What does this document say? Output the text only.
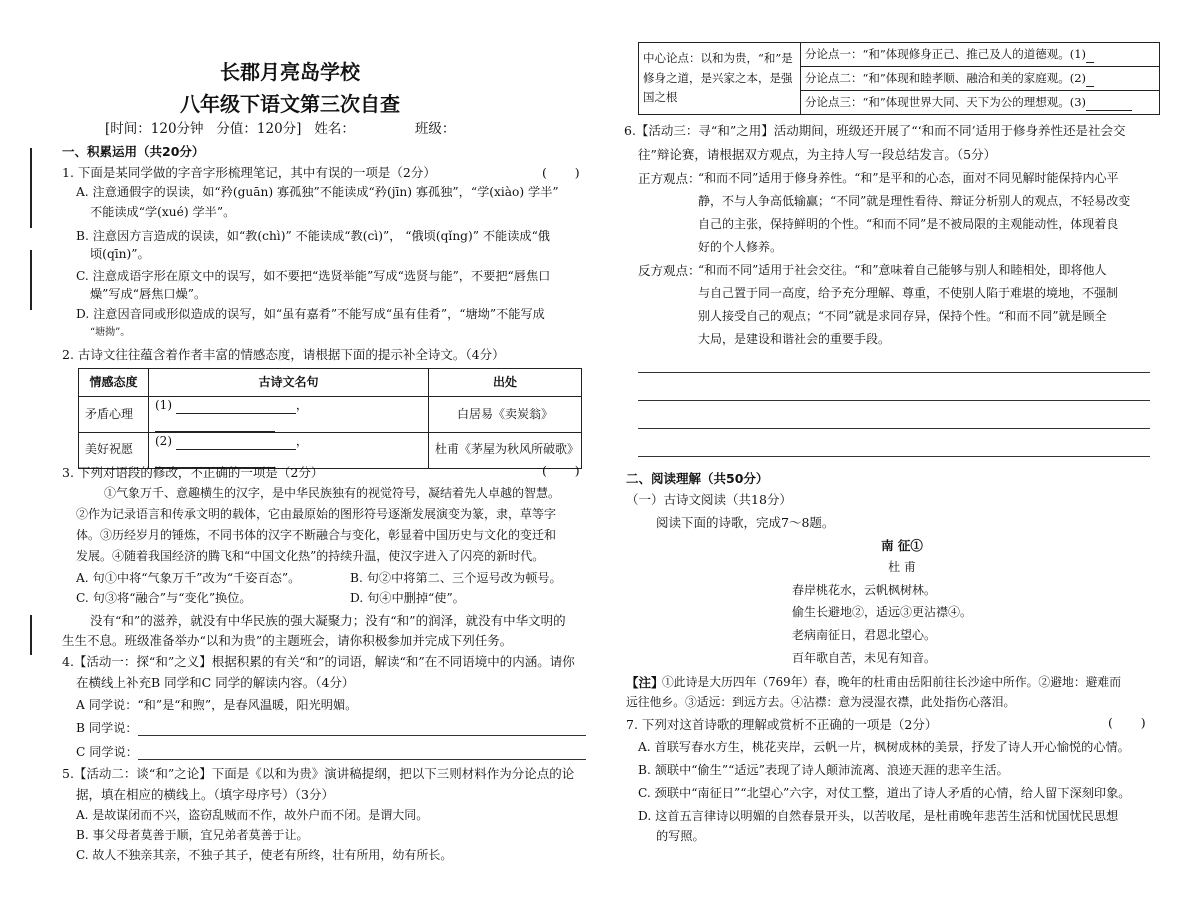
长郡月亮岛学校
八年级下语文第三次自查
[时间：120分钟   分值：120分]   姓名：              班级：
一、积累运用（共20分）
1. 下面是某同学做的字音字形梳理笔记，其中有误的一项是（2分）	(       )
A. 注意通假字的误读，如“矜(guān) 寡孤独”不能读成“矜(jīn) 寡孤独”，“学(xiào) 学半”
不能读成“学(xué) 学半”。
B. 注意因方言造成的误读，如“教(chì)” 不能读成“教(cì)”， “俄顷(qǐng)” 不能读成“俄
顷(qīn)”。
C. 注意成语字形在原文中的误写，如不要把“选贤举能”写成“选贤与能”，不要把“唇焦口
燥”写成“唇焦口燥”。
D. 注意因音同或形似造成的误写，如“虽有嘉肴”不能写成“虽有佳肴”，“塘坳”不能写成
“塘拗”。
2. 古诗文往往蕴含着作者丰富的情感态度，请根据下面的提示补全诗文。（4分）
情感态度	古诗文名句	出处
矛盾心理	(1) ，	白居易《卖炭翁》
美好祝愿	(2) ，	杜甫《茅屋为秋风所破歌》
3. 下列对语段的修改，不正确的一项是（2分）	(       )
①气象万千、意趣横生的汉字，是中华民族独有的视觉符号，凝结着先人卓越的智慧。
②作为记录语言和传承文明的载体，它由最原始的图形符号逐渐发展演变为篆，隶，草等字
体。③历经岁月的锤炼，不同书体的汉字不断融合与变化，彰显着中国历史与文化的变迁和
发展。④随着我国经济的腾飞和“中国文化热”的持续升温，使汉字进入了闪亮的新时代。
A. 句①中将“气象万千”改为“千姿百态”。	B. 句②中将第二、三个逗号改为顿号。
C. 句③将“融合”与“变化”换位。	D. 句④中删掉“使”。
没有“和”的滋养，就没有中华民族的强大凝聚力；没有“和”的润泽，就没有中华文明的
生生不息。班级准备举办“以和为贵”的主题班会，请你积极参加并完成下列任务。
4.【活动一：探“和”之义】根据积累的有关“和”的词语，解读“和”在不同语境中的内涵。请你
在横线上补充B 同学和C 同学的解读内容。（4分）
A 同学说：“和”是“和煦”，是春风温暖，阳光明媚。
B 同学说：
C 同学说：
5.【活动二：谈“和”之论】下面是《以和为贵》演讲稿提纲，把以下三则材料作为分论点的论
据，填在相应的横线上。（填字母序号）（3分）
A. 是故谋闭而不兴，盗窃乱贼而不作，故外户而不闭。是谓大同。
B. 事父母者莫善于顺，宜兄弟者莫善于让。
C. 故人不独亲其亲，不独子其子，使老有所终，壮有所用，幼有所长。
中心论点：以和为贵，“和”是
修身之道，是兴家之本，是强
国之根
	分论点一：“和”体现修身正己、推己及人的道德观。(1)
分论点二：“和”体现和睦孝顺、融洽和美的家庭观。(2)
分论点三：“和”体现世界大同、天下为公的理想观。(3)
6.【活动三：寻“和”之用】活动期间，班级还开展了“‘和而不同’适用于修身养性还是社会交
往”辩论赛，请根据双方观点，为主持人写一段总结发言。（5分）
正方观点：
“和而不同”适用于修身养性。“和”是平和的心态，面对不同见解时能保持内心平
静，不与人争高低输赢；“不同”就是理性看待、辩证分析别人的观点，不轻易改变
自己的主张，保持鲜明的个性。“和而不同”是不被局限的主观能动性，体现着良
好的个人修养。
反方观点：
“和而不同”适用于社会交往。“和”意味着自己能够与别人和睦相处，即将他人
与自己置于同一高度，给予充分理解、尊重，不使别人陷于难堪的境地，不强制
别人接受自己的观点；“不同”就是求同存异，保持个性。“和而不同”就是顾全
大局，是建设和谐社会的重要手段。
二、阅读理解（共50分）
（一）古诗文阅读（共18分）
阅读下面的诗歌，完成7～8题。
南 征①
杜 甫
春岸桃花水，云帆枫树林。
偷生长避地②，适远③更沾襟④。
老病南征日，君恩北望心。
百年歌自苦，未见有知音。
【注】
①此诗是大历四年（769年）春，晚年的杜甫由岳阳前往长沙途中所作。②避地：避难而
远往他乡。③适远：到远方去。④沾襟：意为浸湿衣襟，此处指伤心落泪。
7. 下列对这首诗歌的理解或赏析不正确的一项是（2分）	(       )
A. 首联写春水方生，桃花夹岸，云帆一片，枫树成林的美景，抒发了诗人开心愉悦的心情。
B. 颔联中“偷生”“适远”表现了诗人颠沛流离、浪迹天涯的悲辛生活。
C. 颈联中“南征日”“北望心”六字，对仗工整，道出了诗人矛盾的心情，给人留下深刻印象。
D. 这首五言律诗以明媚的自然春景开头，以苦收尾，是杜甫晚年悲苦生活和忧国忧民思想
的写照。
